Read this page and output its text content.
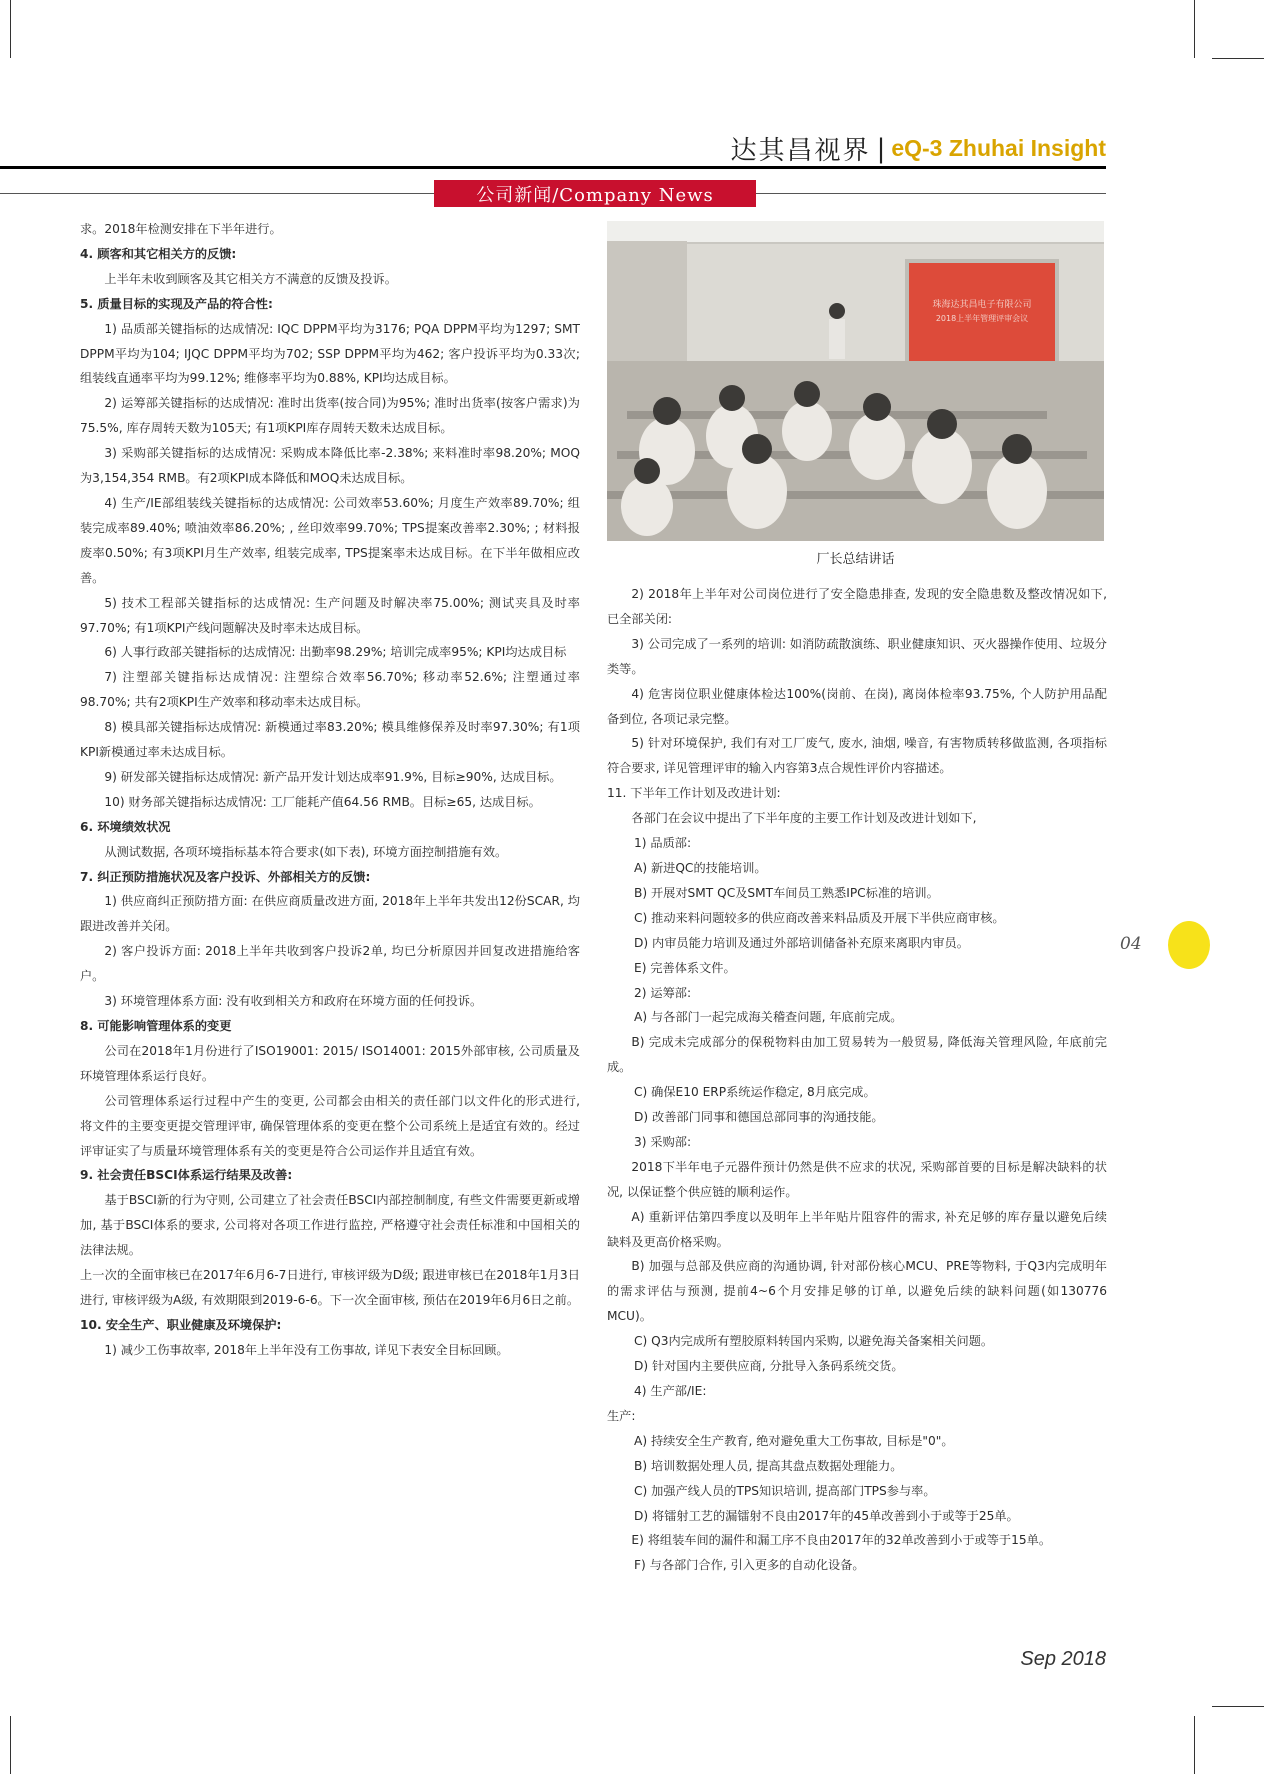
达其昌视界 | eQ-3 Zhuhai Insight
公司新闻/Company News

求。2018年检测安排在下半年进行。

4. 顾客和其它相关方的反馈:

上半年未收到顾客及其它相关方不满意的反馈及投诉。

5. 质量目标的实现及产品的符合性:

1) 品质部关键指标的达成情况: IQC DPPM平均为3176; PQA DPPM平均为1297; SMT DPPM平均为104; IJQC DPPM平均为702; SSP DPPM平均为462; 客户投诉平均为0.33次; 组装线直通率平均为99.12%; 维修率平均为0.88%, KPI均达成目标。

2) 运筹部关键指标的达成情况: 准时出货率(按合同)为95%; 准时出货率(按客户需求)为75.5%, 库存周转天数为105天; 有1项KPI库存周转天数未达成目标。

3) 采购部关键指标的达成情况: 采购成本降低比率-2.38%; 来料准时率98.20%; MOQ为3,154,354 RMB。有2项KPI成本降低和MOQ未达成目标。

4) 生产/IE部组装线关键指标的达成情况: 公司效率53.60%; 月度生产效率89.70%; 组装完成率89.40%; 喷油效率86.20%; , 丝印效率99.70%; TPS提案改善率2.30%; ; 材料报废率0.50%; 有3项KPI月生产效率, 组装完成率, TPS提案率未达成目标。在下半年做相应改善。

5) 技术工程部关键指标的达成情况: 生产问题及时解决率75.00%; 测试夹具及时率97.70%; 有1项KPI产线问题解决及时率未达成目标。

6) 人事行政部关键指标的达成情况: 出勤率98.29%; 培训完成率95%; KPI均达成目标

7) 注塑部关键指标达成情况: 注塑综合效率56.70%; 移动率52.6%; 注塑通过率98.70%; 共有2项KPI生产效率和移动率未达成目标。

8) 模具部关键指标达成情况: 新模通过率83.20%; 模具维修保养及时率97.30%; 有1项KPI新模通过率未达成目标。

9) 研发部关键指标达成情况: 新产品开发计划达成率91.9%, 目标≥90%, 达成目标。

10) 财务部关键指标达成情况: 工厂能耗产值64.56 RMB。目标≥65, 达成目标。

6. 环境绩效状况

从测试数据, 各项环境指标基本符合要求(如下表), 环境方面控制措施有效。

7. 纠正预防措施状况及客户投诉、外部相关方的反馈:

1) 供应商纠正预防措方面: 在供应商质量改进方面, 2018年上半年共发出12份SCAR, 均跟进改善并关闭。

2) 客户投诉方面: 2018上半年共收到客户投诉2单, 均已分析原因并回复改进措施给客户。

3) 环境管理体系方面: 没有收到相关方和政府在环境方面的任何投诉。

8. 可能影响管理体系的变更

公司在2018年1月份进行了ISO19001: 2015/ ISO14001: 2015外部审核, 公司质量及环境管理体系运行良好。

公司管理体系运行过程中产生的变更, 公司都会由相关的责任部门以文件化的形式进行, 将文件的主要变更提交管理评审, 确保管理体系的变更在整个公司系统上是适宜有效的。经过评审证实了与质量环境管理体系有关的变更是符合公司运作并且适宜有效。

9. 社会责任BSCI体系运行结果及改善:

基于BSCI新的行为守则, 公司建立了社会责任BSCI内部控制制度, 有些文件需要更新或增加, 基于BSCI体系的要求, 公司将对各项工作进行监控, 严格遵守社会责任标准和中国相关的法律法规。

上一次的全面审核已在2017年6月6-7日进行, 审核评级为D级; 跟进审核已在2018年1月3日进行, 审核评级为A级, 有效期限到2019-6-6。下一次全面审核, 预估在2019年6月6日之前。

10. 安全生产、职业健康及环境保护:

1) 减少工伤事故率, 2018年上半年没有工伤事故, 详见下表安全目标回顾。

珠海达其昌电子有限公司
2018上半年管理评审会议
厂长总结讲话

2) 2018年上半年对公司岗位进行了安全隐患排查, 发现的安全隐患数及整改情况如下, 已全部关闭:

3) 公司完成了一系列的培训: 如消防疏散演练、职业健康知识、灭火器操作使用、垃圾分类等。

4) 危害岗位职业健康体检达100%(岗前、在岗), 离岗体检率93.75%, 个人防护用品配备到位, 各项记录完整。

5) 针对环境保护, 我们有对工厂废气, 废水, 油烟, 噪音, 有害物质转移做监测, 各项指标符合要求, 详见管理评审的输入内容第3点合规性评价内容描述。

11. 下半年工作计划及改进计划:

各部门在会议中提出了下半年度的主要工作计划及改进计划如下,

1) 品质部:

A) 新进QC的技能培训。

B) 开展对SMT QC及SMT车间员工熟悉IPC标准的培训。

C) 推动来料问题较多的供应商改善来料品质及开展下半供应商审核。

D) 内审员能力培训及通过外部培训储备补充原来离职内审员。

E) 完善体系文件。

2) 运筹部:

A) 与各部门一起完成海关稽查问题, 年底前完成。

B) 完成未完成部分的保税物料由加工贸易转为一般贸易, 降低海关管理风险, 年底前完成。

C) 确保E10 ERP系统运作稳定, 8月底完成。

D) 改善部门同事和德国总部同事的沟通技能。

3) 采购部:

2018下半年电子元器件预计仍然是供不应求的状况, 采购部首要的目标是解决缺料的状况, 以保证整个供应链的顺利运作。

A) 重新评估第四季度以及明年上半年贴片阻容件的需求, 补充足够的库存量以避免后续缺料及更高价格采购。

B) 加强与总部及供应商的沟通协调, 针对部份核心MCU、PRE等物料, 于Q3内完成明年的需求评估与预测, 提前4~6个月安排足够的订单, 以避免后续的缺料问题(如130776 MCU)。

C) Q3内完成所有塑胶原料转国内采购, 以避免海关备案相关问题。

D) 针对国内主要供应商, 分批导入条码系统交货。

4) 生产部/IE:

生产:

A) 持续安全生产教育, 绝对避免重大工伤事故, 目标是"0"。

B) 培训数据处理人员, 提高其盘点数据处理能力。

C) 加强产线人员的TPS知识培训, 提高部门TPS参与率。

D) 将镭射工艺的漏镭射不良由2017年的45单改善到小于或等于25单。

E) 将组装车间的漏件和漏工序不良由2017年的32单改善到小于或等于15单。

F) 与各部门合作, 引入更多的自动化设备。

04
Sep 2018
